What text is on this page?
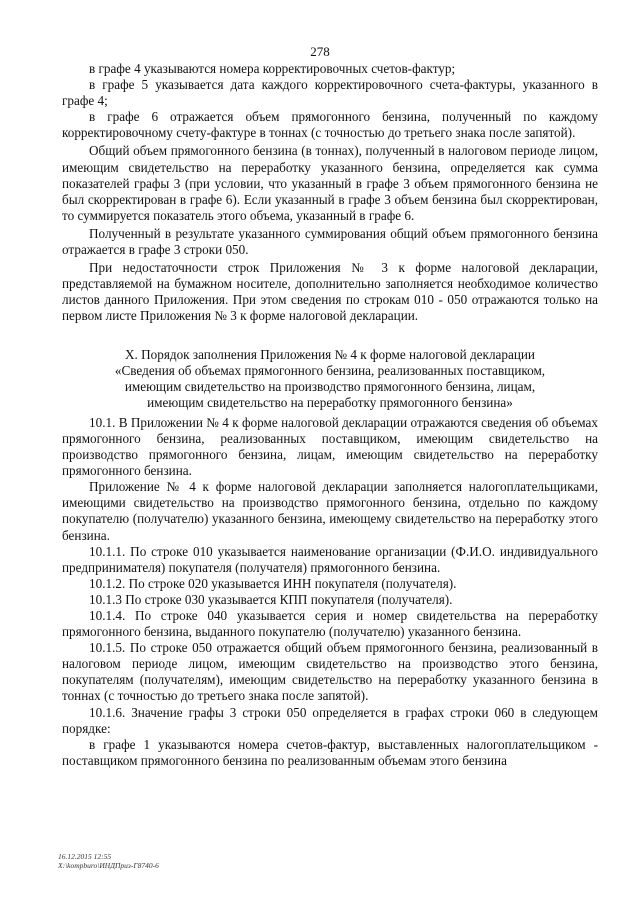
278

в графе 4 указываются номера корректировочных счетов-фактур;

в графе 5 указывается дата каждого корректировочного счета-фактуры, указанного в графе 4;

в графе 6 отражается объем прямогонного бензина, полученный по каждому корректировочному счету-фактуре в тоннах (с точностью до третьего знака после запятой).

Общий объем прямогонного бензина (в тоннах), полученный в налоговом периоде лицом, имеющим свидетельство на переработку указанного бензина, определяется как сумма показателей графы 3 (при условии, что указанный в графе 3 объем прямогонного бензина не был скорректирован в графе 6). Если указанный в графе 3 объем бензина был скорректирован, то суммируется показатель этого объема, указанный в графе 6.

Полученный в результате указанного суммирования общий объем прямогонного бензина отражается в графе 3 строки 050.

При недостаточности строк Приложения № 3 к форме налоговой декларации, представляемой на бумажном носителе, дополнительно заполняется необходимое количество листов данного Приложения. При этом сведения по строкам 010 - 050 отражаются только на первом листе Приложения № 3 к форме налоговой декларации.

X. Порядок заполнения Приложения № 4 к форме налоговой декларации
«Сведения об объемах прямогонного бензина, реализованных поставщиком,
имеющим свидетельство на производство прямогонного бензина, лицам,
имеющим свидетельство на переработку прямогонного бензина»

10.1. В Приложении № 4 к форме налоговой декларации отражаются сведения об объемах прямогонного бензина, реализованных поставщиком, имеющим свидетельство на производство прямогонного бензина, лицам, имеющим свидетельство на переработку прямогонного бензина.

Приложение № 4 к форме налоговой декларации заполняется налогоплательщиками, имеющими свидетельство на производство прямогонного бензина, отдельно по каждому покупателю (получателю) указанного бензина, имеющему свидетельство на переработку этого бензина.

10.1.1. По строке 010 указывается наименование организации (Ф.И.О. индивидуального предпринимателя) покупателя (получателя) прямогонного бензина.

10.1.2. По строке 020 указывается ИНН покупателя (получателя).

10.1.3 По строке 030 указывается КПП покупателя (получателя).

10.1.4. По строке 040 указывается серия и номер свидетельства на переработку прямогонного бензина, выданного покупателю (получателю) указанного бензина.

10.1.5. По строке 050 отражается общий объем прямогонного бензина, реализованный в налоговом периоде лицом, имеющим свидетельство на производство этого бензина, покупателям (получателям), имеющим свидетельство на переработку указанного бензина в тоннах (с точностью до третьего знака после запятой).

10.1.6. Значение графы 3 строки 050 определяется в графах строки 060 в следующем порядке:

в графе 1 указываются номера счетов-фактур, выставленных налогоплательщиком - поставщиком прямогонного бензина по реализованным объемам этого бензина

16.12.2015 12:55
X:\kompburo\ИНДПриз-Г8740-6
